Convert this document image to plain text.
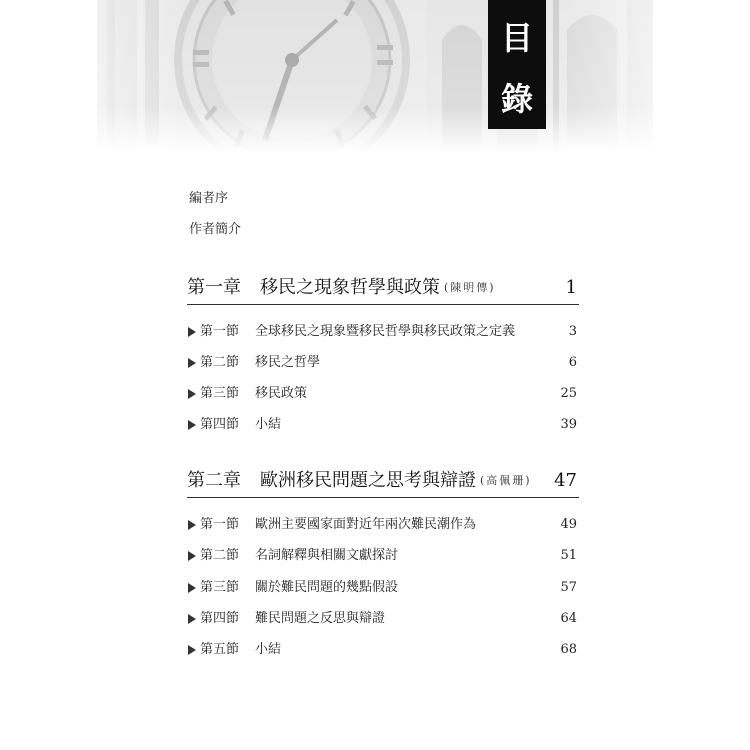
目
錄
編者序
作者簡介
第一章 移民之現象哲學與政策 (陳明傳)	1
第一節 全球移民之現象暨移民哲學與移民政策之定義	3
第二節 移民之哲學	6
第三節 移民政策	25
第四節 小結	39
第二章 歐洲移民問題之思考與辯證 (高佩珊) 47
第一節 歐洲主要國家面對近年兩次難民潮作為	49
第二節 名詞解釋與相關文獻探討	51
第三節 關於難民問題的幾點假設	57
第四節 難民問題之反思與辯證	64
第五節 小結	68
